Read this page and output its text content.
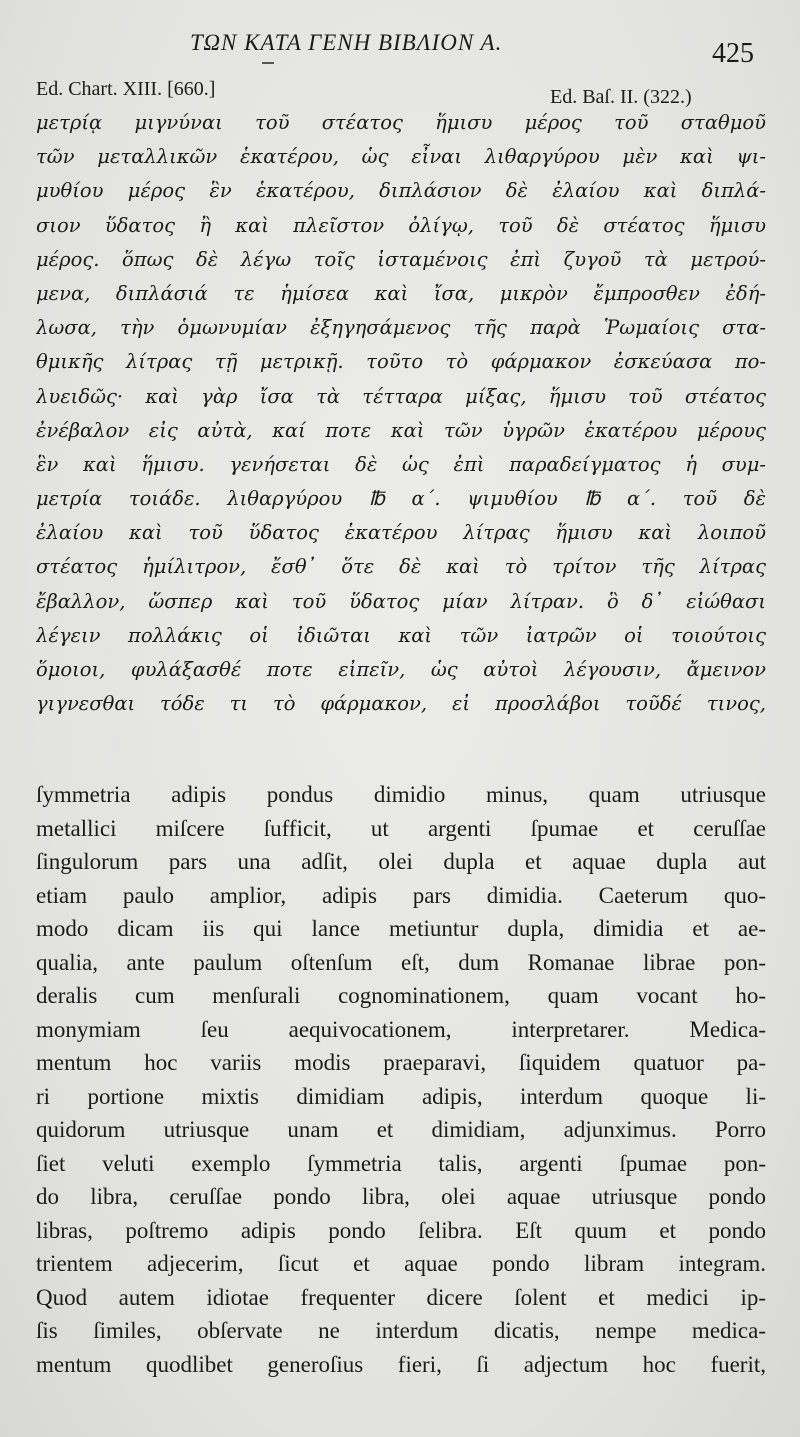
ΤΩΝ ΚΑΤΑ ΓΕΝΗ ΒΙΒΛΙΟΝ Α.	425
Ed. Chart. XIII. [660.]	Ed. Baſ. II. (322.)
μετρίᾳ μιγνύναι τοῦ στέατος ἥμισυ μέρος τοῦ σταθμοῦ
τῶν μεταλλικῶν ἑκατέρου, ὡς εἶναι λιθαργύρου μὲν καὶ ψι-
μυθίου μέρος ἓν ἑκατέρου, διπλάσιον δὲ ἐλαίου καὶ διπλά-
σιον ὕδατος ἢ καὶ πλεῖστον ὀλίγῳ, τοῦ δὲ στέατος ἥμισυ
μέρος. ὅπως δὲ λέγω τοῖς ἱσταμένοις ἐπὶ ζυγοῦ τὰ μετρού-
μενα, διπλάσιά τε ἡμίσεα καὶ ἴσα, μικρὸν ἔμπροσθεν ἐδή-
λωσα, τὴν ὁμωνυμίαν ἐξηγησάμενος τῆς παρὰ Ῥωμαίοις στα-
θμικῆς λίτρας τῇ μετρικῇ. τοῦτο τὸ φάρμακον ἐσκεύασα πο-
λυειδῶς· καὶ γὰρ ἴσα τὰ τέτταρα μίξας, ἥμισυ τοῦ στέατος
ἐνέβαλον εἰς αὐτὰ, καί ποτε καὶ τῶν ὑγρῶν ἑκατέρου μέρους
ἓν καὶ ἥμισυ. γενήσεται δὲ ὡς ἐπὶ παραδείγματος ἡ συμ-
μετρία τοιάδε. λιθαργύρου ℔ α΄. ψιμυθίου ℔ α΄. τοῦ δὲ
ἐλαίου καὶ τοῦ ὕδατος ἑκατέρου λίτρας ἥμισυ καὶ λοιποῦ
στέατος ἡμίλιτρον, ἔσθ᾽ ὅτε δὲ καὶ τὸ τρίτον τῆς λίτρας
ἔβαλλον, ὥσπερ καὶ τοῦ ὕδατος μίαν λίτραν. ὃ δ᾽ εἰώθασι
λέγειν πολλάκις οἱ ἰδιῶται καὶ τῶν ἰατρῶν οἱ τοιούτοις
ὅμοιοι, φυλάξασθέ ποτε εἰπεῖν, ὡς αὐτοὶ λέγουσιν, ἄμεινον
γιγνεσθαι τόδε τι τὸ φάρμακον, εἰ προσλάβοι τοῦδέ τινος,
ſymmetria adipis pondus dimidio minus, quam utriusque
metallici miſcere ſufficit, ut argenti ſpumae et ceruſſae
ſingulorum pars una adſit, olei dupla et aquae dupla aut
etiam paulo amplior, adipis pars dimidia. Caeterum quo-
modo dicam iis qui lance metiuntur dupla, dimidia et ae-
qualia, ante paulum oſtenſum eſt, dum Romanae librae pon-
deralis cum menſurali cognominationem, quam vocant ho-
monymiam ſeu aequivocationem, interpretarer. Medica-
mentum hoc variis modis praeparavi, ſiquidem quatuor pa-
ri portione mixtis dimidiam adipis, interdum quoque li-
quidorum utriusque unam et dimidiam, adjunximus. Porro
ſiet veluti exemplo ſymmetria talis, argenti ſpumae pon-
do libra, ceruſſae pondo libra, olei aquae utriusque pondo
libras, poſtremo adipis pondo ſelibra. Eſt quum et pondo
trientem adjecerim, ſicut et aquae pondo libram integram.
Quod autem idiotae frequenter dicere ſolent et medici ip-
ſis ſimiles, obſervate ne interdum dicatis, nempe medica-
mentum quodlibet generoſius fieri, ſi adjectum hoc fuerit,
